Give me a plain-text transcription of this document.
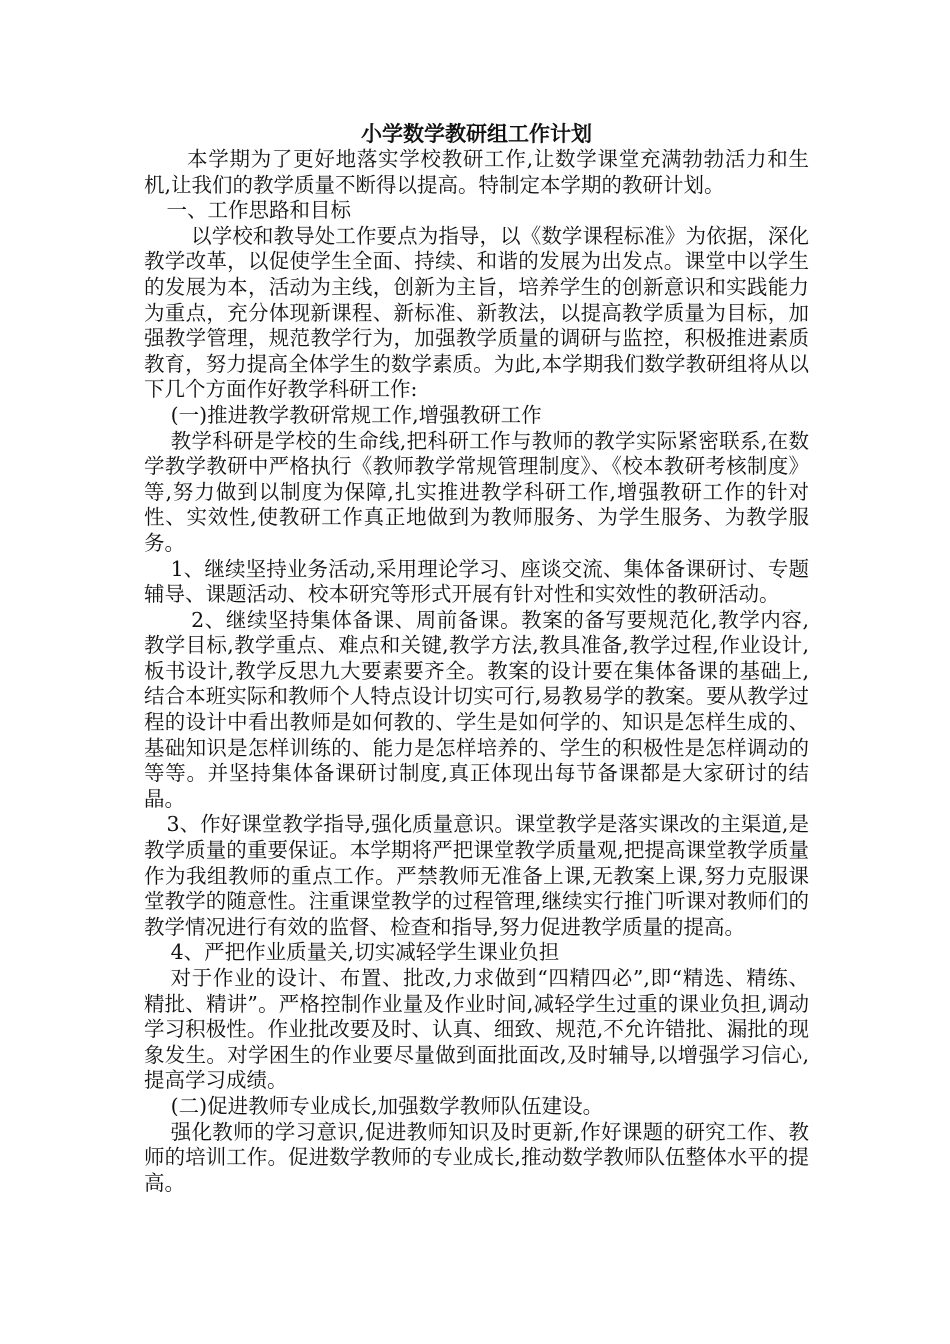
小学数学教研组工作计划

本学期为了更好地落实学校教研工作,让数学课堂充满勃勃活力和生机,让我们的教学质量不断得以提高。特制定本学期的教研计划。

一、工作思路和目标

以学校和教导处工作要点为指导，以《数学课程标准》为依据，深化教学改革，以促使学生全面、持续、和谐的发展为出发点。课堂中以学生的发展为本，活动为主线，创新为主旨，培养学生的创新意识和实践能力为重点，充分体现新课程、新标准、新教法，以提高教学质量为目标，加强教学管理，规范教学行为，加强教学质量的调研与监控，积极推进素质教育，努力提高全体学生的数学素质。为此,本学期我们数学教研组将从以下几个方面作好教学科研工作:

(一)推进教学教研常规工作,增强教研工作

教学科研是学校的生命线,把科研工作与教师的教学实际紧密联系,在数学教学教研中严格执行《教师教学常规管理制度》、《校本教研考核制度》等,努力做到以制度为保障,扎实推进教学科研工作,增强教研工作的针对性、实效性,使教研工作真正地做到为教师服务、为学生服务、为教学服务。

1、继续坚持业务活动,采用理论学习、座谈交流、集体备课研讨、专题辅导、课题活动、校本研究等形式开展有针对性和实效性的教研活动。

2、继续坚持集体备课、周前备课。教案的备写要规范化,教学内容,教学目标,教学重点、难点和关键,教学方法,教具准备,教学过程,作业设计,板书设计,教学反思九大要素要齐全。教案的设计要在集体备课的基础上,结合本班实际和教师个人特点设计切实可行,易教易学的教案。要从教学过程的设计中看出教师是如何教的、学生是如何学的、知识是怎样生成的、基础知识是怎样训练的、能力是怎样培养的、学生的积极性是怎样调动的等等。并坚持集体备课研讨制度,真正体现出每节备课都是大家研讨的结晶。

3、作好课堂教学指导,强化质量意识。课堂教学是落实课改的主渠道,是教学质量的重要保证。本学期将严把课堂教学质量观,把提高课堂教学质量作为我组教师的重点工作。严禁教师无准备上课,无教案上课,努力克服课堂教学的随意性。注重课堂教学的过程管理,继续实行推门听课对教师们的教学情况进行有效的监督、检查和指导,努力促进教学质量的提高。

4、严把作业质量关,切实减轻学生课业负担

对于作业的设计、布置、批改,力求做到“四精四必”,即“精选、精练、精批、精讲”。严格控制作业量及作业时间,减轻学生过重的课业负担,调动学习积极性。作业批改要及时、认真、细致、规范,不允许错批、漏批的现象发生。对学困生的作业要尽量做到面批面改,及时辅导,以增强学习信心,提高学习成绩。

(二)促进教师专业成长,加强数学教师队伍建设。

强化教师的学习意识,促进教师知识及时更新,作好课题的研究工作、教师的培训工作。促进数学教师的专业成长,推动数学教师队伍整体水平的提高。
